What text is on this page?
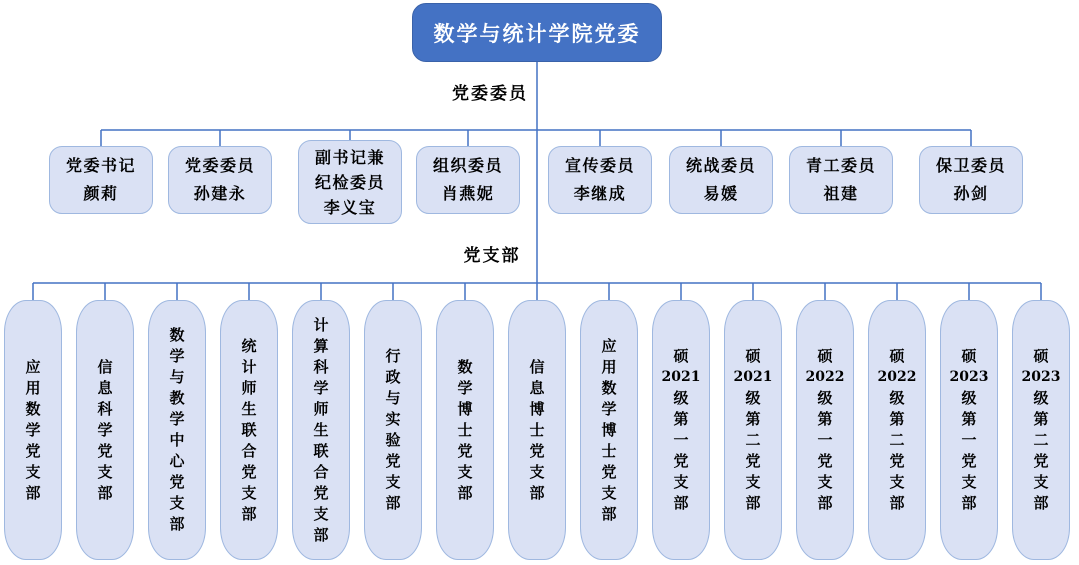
数学与统计学院党委
党委委员
党支部
党委书记
颜莉
党委委员
孙建永
副书记兼
纪检委员
李义宝
组织委员
肖燕妮
宣传委员
李继成
统战委员
易媛
青工委员
祖建
保卫委员
孙剑
应
用
数
学
党
支
部
信
息
科
学
党
支
部
数
学
与
教
学
中
心
党
支
部
统
计
师
生
联
合
党
支
部
计
算
科
学
师
生
联
合
党
支
部
行
政
与
实
验
党
支
部
数
学
博
士
党
支
部
信
息
博
士
党
支
部
应
用
数
学
博
士
党
支
部
硕
2021
级
第
一
党
支
部
硕
2021
级
第
二
党
支
部
硕
2022
级
第
一
党
支
部
硕
2022
级
第
二
党
支
部
硕
2023
级
第
一
党
支
部
硕
2023
级
第
二
党
支
部
